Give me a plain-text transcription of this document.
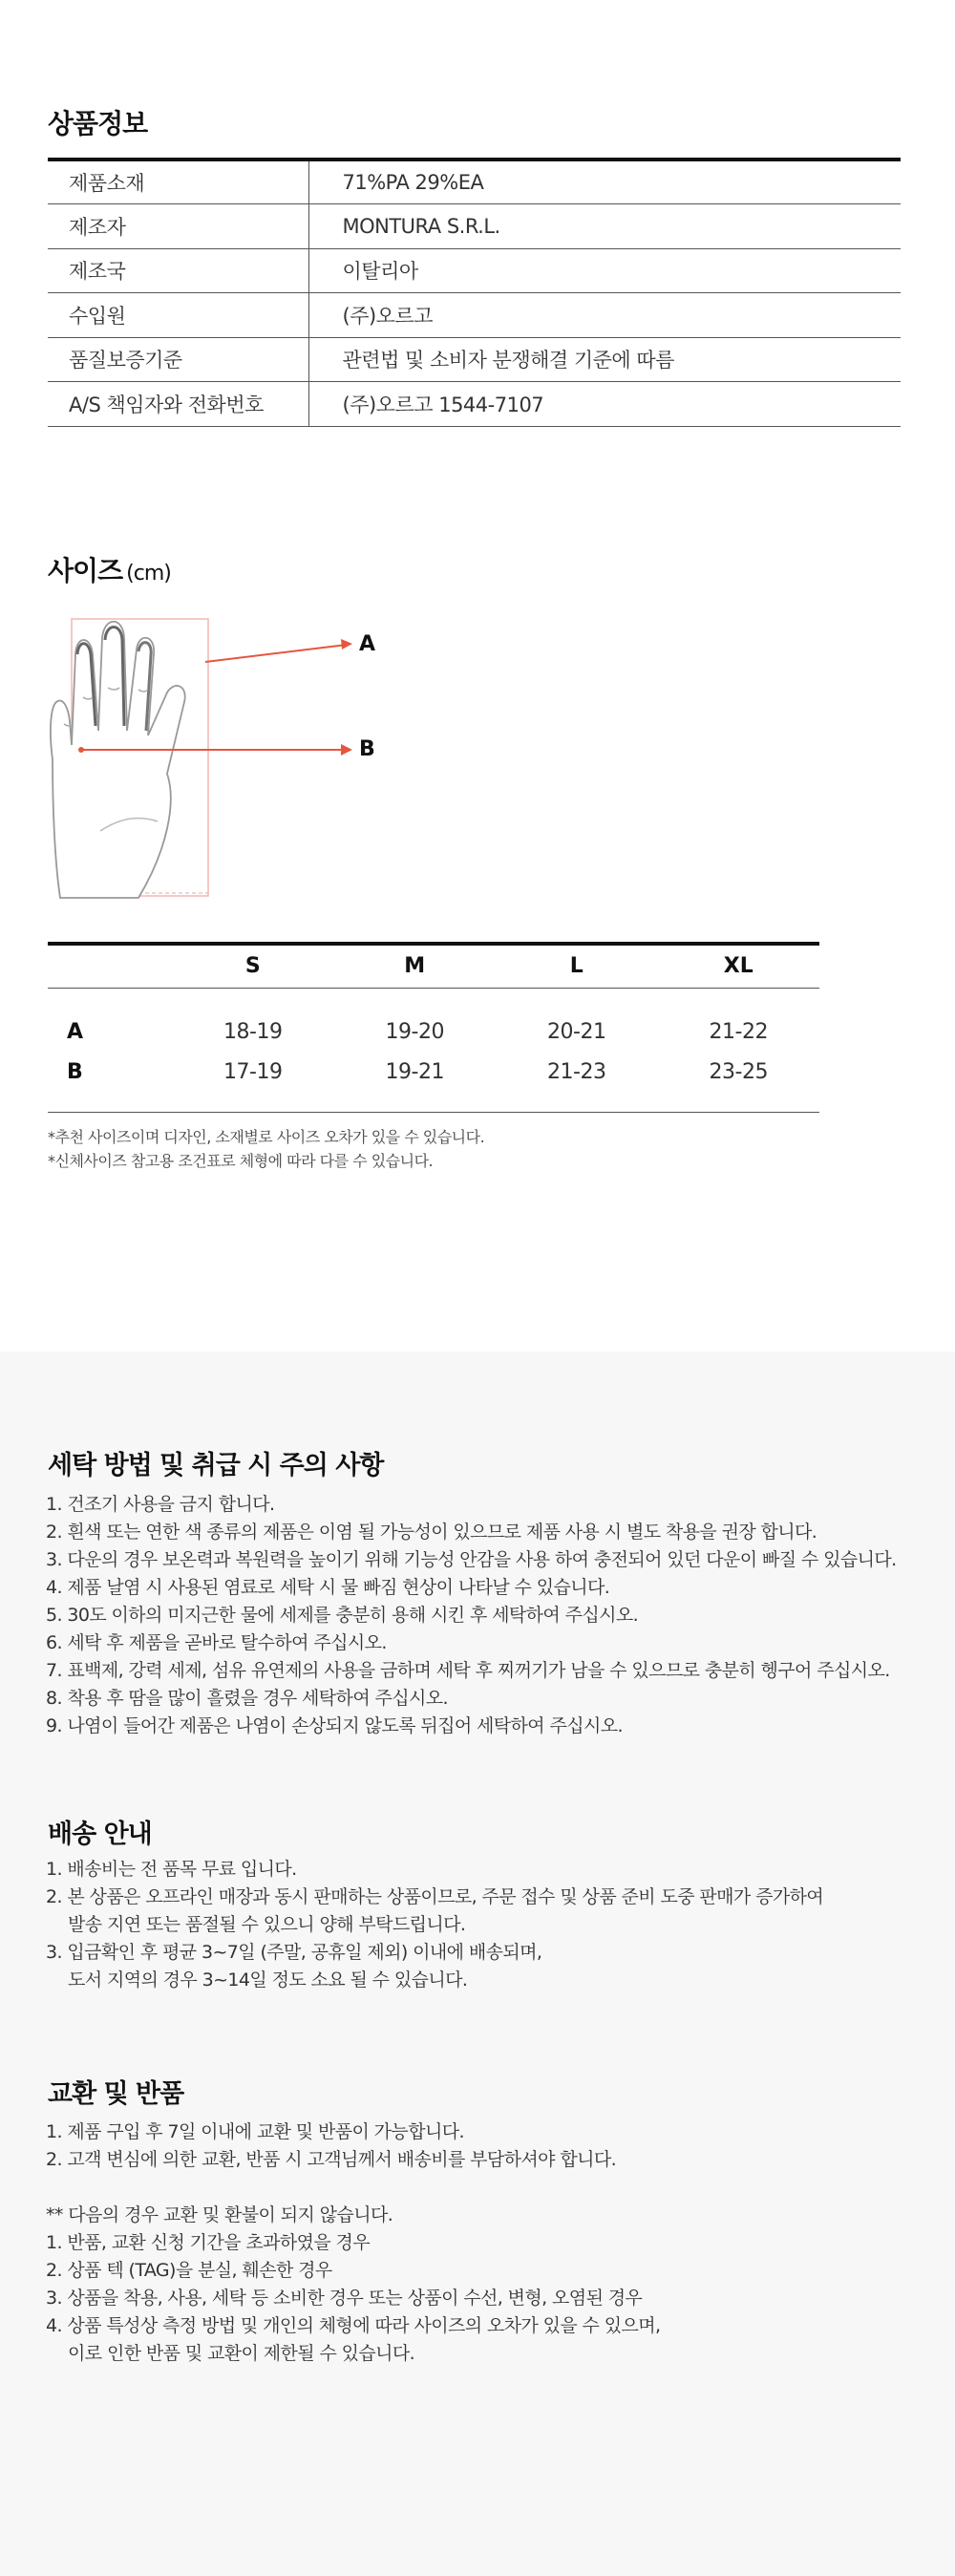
상품정보
제품소재	71%PA 29%EA
제조자	MONTURA S.R.L.
제조국	이탈리아
수입원	(주)오르고
품질보증기준	관련법 및 소비자 분쟁해결 기준에 따름
A/S 책임자와 전화번호	(주)오르고 1544-7107
사이즈 (cm)
A
B
	S	M	L	XL
A	18-19	19-20	20-21	21-22
B	17-19	19-21	21-23	23-25
*추천 사이즈이며 디자인, 소재별로 사이즈 오차가 있을 수 있습니다.
*신체사이즈 참고용 조건표로 체형에 따라 다를 수 있습니다.
세탁 방법 및 취급 시 주의 사항
1. 건조기 사용을 금지 합니다.
2. 흰색 또는 연한 색 종류의 제품은 이염 될 가능성이 있으므로 제품 사용 시 별도 착용을 권장 합니다.
3. 다운의 경우 보온력과 복원력을 높이기 위해 기능성 안감을 사용 하여 충전되어 있던 다운이 빠질 수 있습니다.
4. 제품 날염 시 사용된 염료로 세탁 시 물 빠짐 현상이 나타날 수 있습니다.
5. 30도 이하의 미지근한 물에 세제를 충분히 용해 시킨 후 세탁하여 주십시오.
6. 세탁 후 제품을 곧바로 탈수하여 주십시오.
7. 표백제, 강력 세제, 섬유 유연제의 사용을 금하며 세탁 후 찌꺼기가 남을 수 있으므로 충분히 헹구어 주십시오.
8. 착용 후 땀을 많이 흘렸을 경우 세탁하여 주십시오.
9. 나염이 들어간 제품은 나염이 손상되지 않도록 뒤집어 세탁하여 주십시오.
배송 안내
1. 배송비는 전 품목 무료 입니다.
2. 본 상품은 오프라인 매장과 동시 판매하는 상품이므로, 주문 접수 및 상품 준비 도중 판매가 증가하여
발송 지연 또는 품절될 수 있으니 양해 부탁드립니다.
3. 입금확인 후 평균 3~7일 (주말, 공휴일 제외) 이내에 배송되며,
도서 지역의 경우 3~14일 정도 소요 될 수 있습니다.
교환 및 반품
1. 제품 구입 후 7일 이내에 교환 및 반품이 가능합니다.
2. 고객 변심에 의한 교환, 반품 시 고객님께서 배송비를 부담하셔야 합니다.
** 다음의 경우 교환 및 환불이 되지 않습니다.
1. 반품, 교환 신청 기간을 초과하였을 경우
2. 상품 텍 (TAG)을 분실, 훼손한 경우
3. 상품을 착용, 사용, 세탁 등 소비한 경우 또는 상품이 수선, 변형, 오염된 경우
4. 상품 특성상 측정 방법 및 개인의 체형에 따라 사이즈의 오차가 있을 수 있으며,
이로 인한 반품 및 교환이 제한될 수 있습니다.
